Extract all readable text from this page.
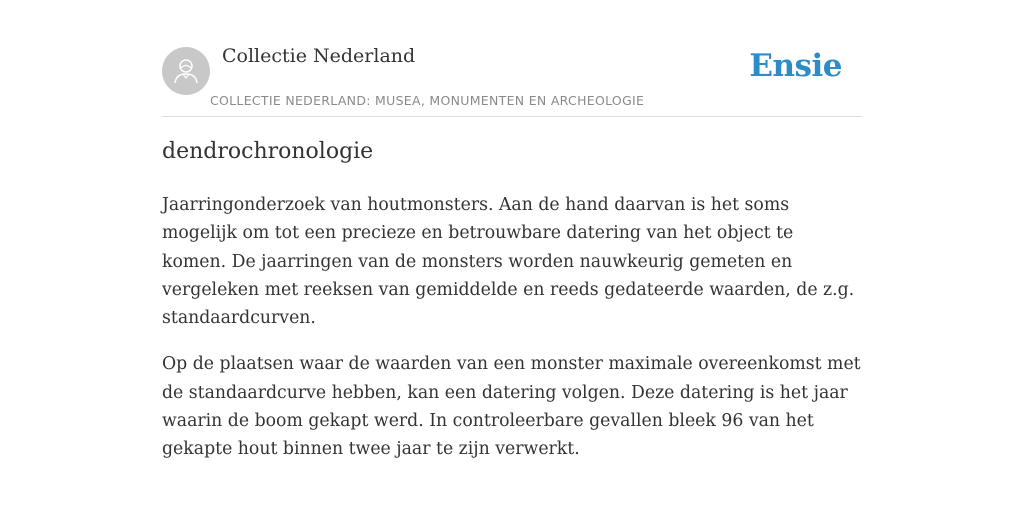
Collectie Nederland
COLLECTIE NEDERLAND: MUSEA, MONUMENTEN EN ARCHEOLOGIE
Ensie
dendrochronologie

Jaarringonderzoek van houtmonsters. Aan de hand daarvan is het soms mogelijk om tot een precieze en betrouwbare datering van het object te komen. De jaarringen van de monsters worden nauwkeurig gemeten en vergeleken met reeksen van gemiddelde en reeds gedateerde waarden, de z.g. standaardcurven.

Op de plaatsen waar de waarden van een monster maximale overeenkomst met de standaardcurve hebben, kan een datering volgen. Deze datering is het jaar waarin de boom gekapt werd. In controleerbare gevallen bleek 96 van het gekapte hout binnen twee jaar te zijn verwerkt.
